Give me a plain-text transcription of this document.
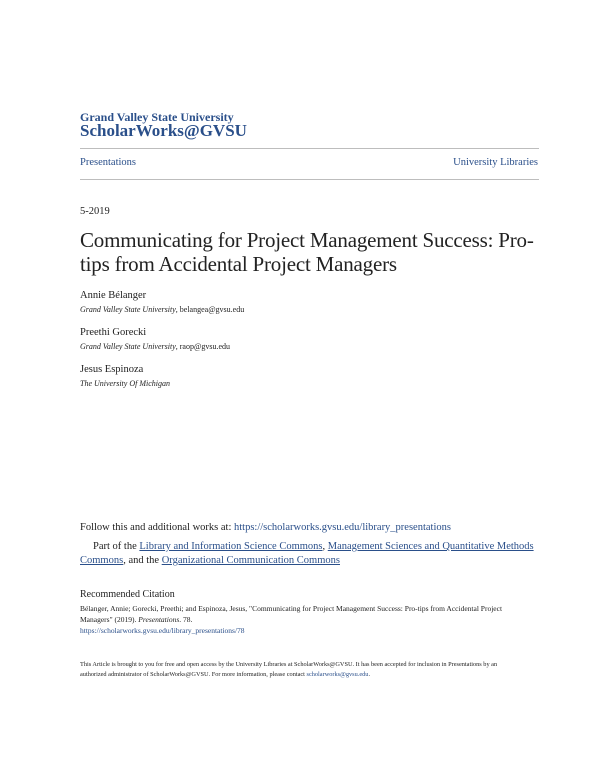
Grand Valley State University
ScholarWorks@GVSU
Presentations	University Libraries
5-2019
Communicating for Project Management Success: Pro-tips from Accidental Project Managers
Annie Bélanger
Grand Valley State University, belangea@gvsu.edu
Preethi Gorecki
Grand Valley State University, raop@gvsu.edu
Jesus Espinoza
The University Of Michigan
Follow this and additional works at: https://scholarworks.gvsu.edu/library_presentations
Part of the Library and Information Science Commons, Management Sciences and Quantitative Methods Commons, and the Organizational Communication Commons
Recommended Citation
Bélanger, Annie; Gorecki, Preethi; and Espinoza, Jesus, "Communicating for Project Management Success: Pro-tips from Accidental Project Managers" (2019). Presentations. 78.
https://scholarworks.gvsu.edu/library_presentations/78
This Article is brought to you for free and open access by the University Libraries at ScholarWorks@GVSU. It has been accepted for inclusion in Presentations by an authorized administrator of ScholarWorks@GVSU. For more information, please contact scholarworks@gvsu.edu.
